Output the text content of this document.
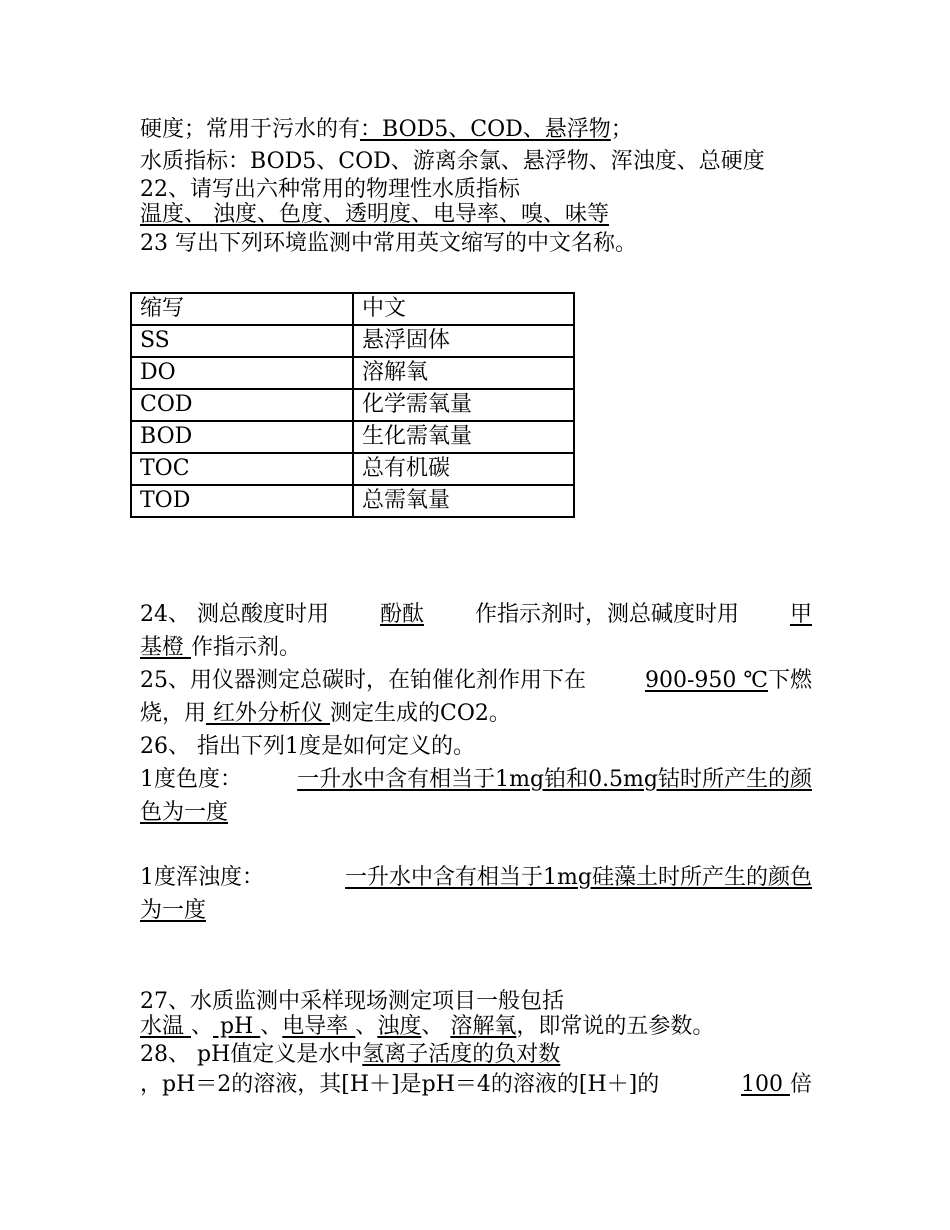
硬度；常用于污水的有：BOD5、COD、悬浮物；
水质指标：BOD5、COD、游离余氯、悬浮物、浑浊度、总硬度
22、请写出六种常用的物理性水质指标
温度、 浊度、色度、透明度、电导率、嗅、味等
23 写出下列环境监测中常用英文缩写的中文名称。
缩写	中文
SS	悬浮固体
DO	溶解氧
COD	化学需氧量
BOD	生化需氧量
TOC	总有机碳
TOD	总需氧量
24、 测总酸度时用 酚酞 作指示剂时，测总碱度时用 甲
基橙 作指示剂。
25、用仪器测定总碳时，在铂催化剂作用下在	900-950 ℃下燃
烧，用 红外分析仪 测定生成的CO2。
26、 指出下列1度是如何定义的。
1度色度：	一升水中含有相当于1mg铂和0.5mg钴时所产生的颜
色为一度
1度浑浊度：	一升水中含有相当于1mg硅藻土时所产生的颜色
为一度
27、水质监测中采样现场测定项目一般包括
水温 、 pH 、电导率 、浊度、 溶解氧，即常说的五参数。
28、 pH值定义是水中氢离子活度的负对数
，pH＝2的溶液，其[H＋]是pH＝4的溶液的[H＋]的	100 倍
